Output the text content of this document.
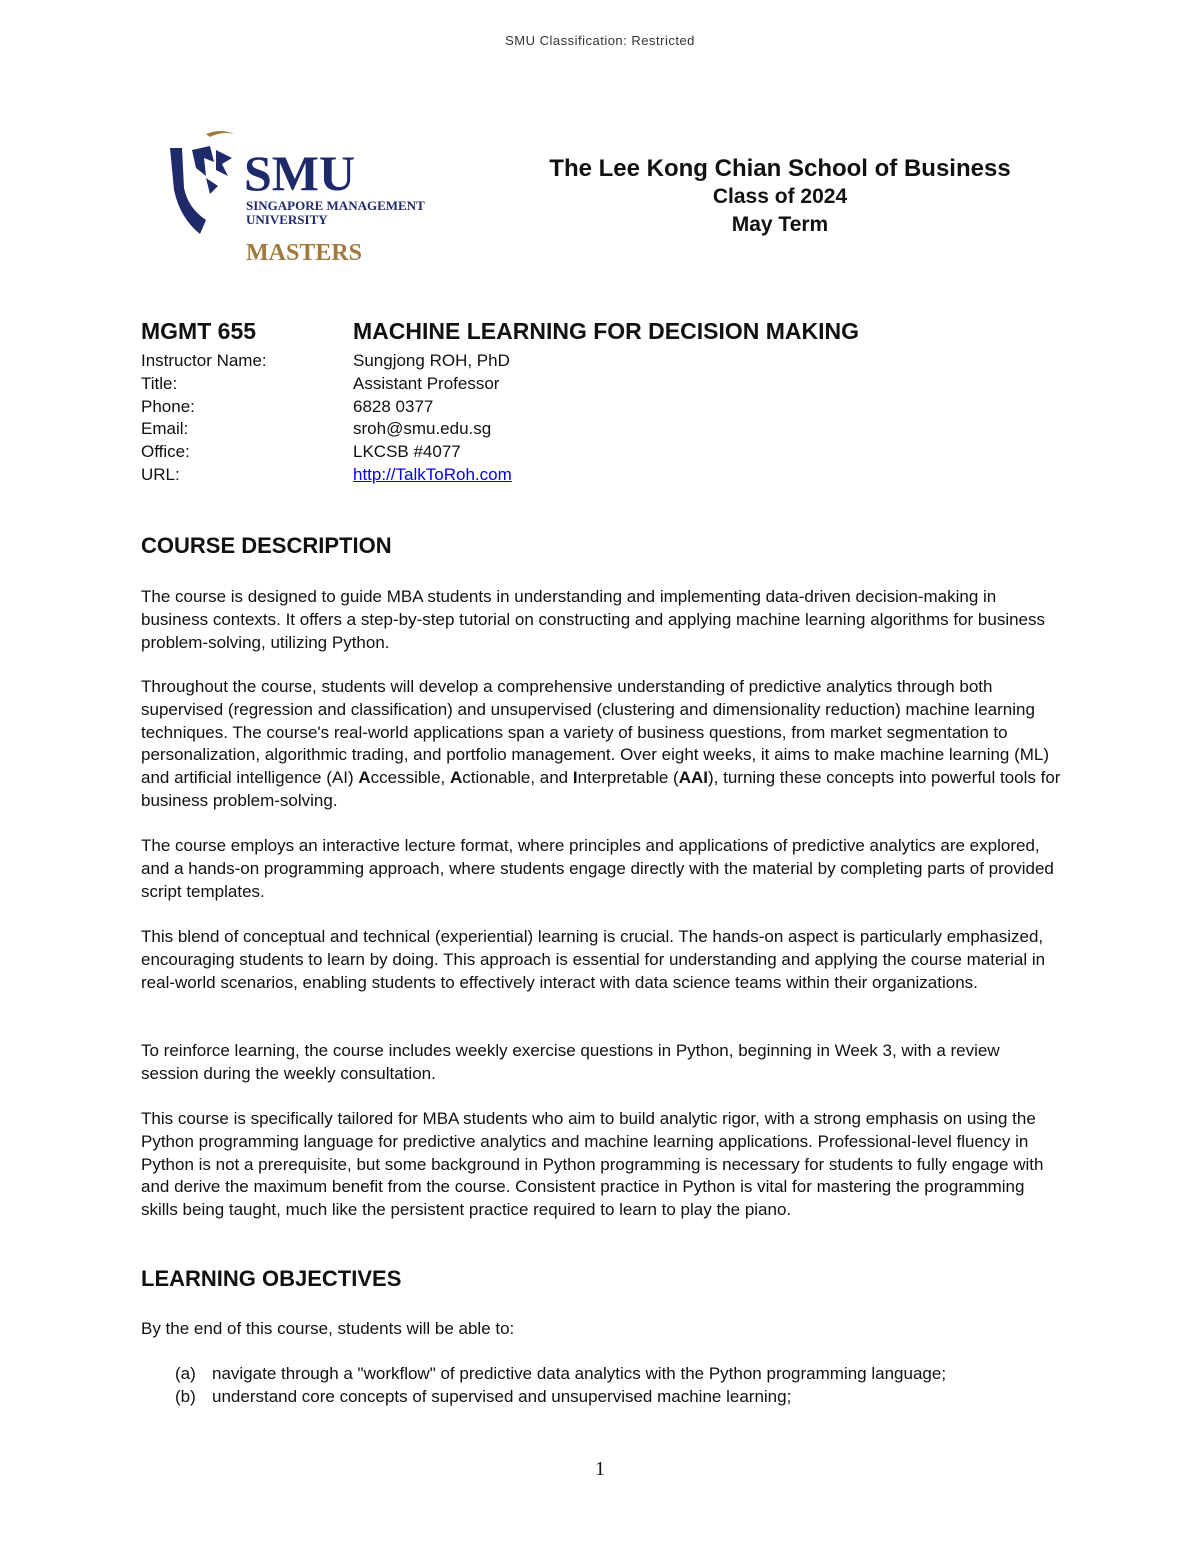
SMU Classification: Restricted
SMU
SINGAPORE MANAGEMENT
UNIVERSITY
MASTERS
The Lee Kong Chian School of Business
Class of 2024
May Term
MGMT 655	MACHINE LEARNING FOR DECISION MAKING
Instructor Name:	Sungjong ROH, PhD
Title:	Assistant Professor
Phone:	6828 0377
Email:	sroh@smu.edu.sg
Office:	LKCSB #4077
URL:	http://TalkToRoh.com
COURSE DESCRIPTION
The course is designed to guide MBA students in understanding and implementing data-driven decision-making in business contexts. It offers a step-by-step tutorial on constructing and applying machine learning algorithms for business problem-solving, utilizing Python.
Throughout the course, students will develop a comprehensive understanding of predictive analytics through both supervised (regression and classification) and unsupervised (clustering and dimensionality reduction) machine learning techniques. The course's real-world applications span a variety of business questions, from market segmentation to personalization, algorithmic trading, and portfolio management. Over eight weeks, it aims to make machine learning (ML) and artificial intelligence (AI) Accessible, Actionable, and Interpretable (AAI), turning these concepts into powerful tools for business problem-solving.
The course employs an interactive lecture format, where principles and applications of predictive analytics are explored, and a hands-on programming approach, where students engage directly with the material by completing parts of provided script templates.
This blend of conceptual and technical (experiential) learning is crucial. The hands-on aspect is particularly emphasized, encouraging students to learn by doing. This approach is essential for understanding and applying the course material in real-world scenarios, enabling students to effectively interact with data science teams within their organizations.
To reinforce learning, the course includes weekly exercise questions in Python, beginning in Week 3, with a review session during the weekly consultation.
This course is specifically tailored for MBA students who aim to build analytic rigor, with a strong emphasis on using the Python programming language for predictive analytics and machine learning applications. Professional-level fluency in Python is not a prerequisite, but some background in Python programming is necessary for students to fully engage with and derive the maximum benefit from the course. Consistent practice in Python is vital for mastering the programming skills being taught, much like the persistent practice required to learn to play the piano.
LEARNING OBJECTIVES
By the end of this course, students will be able to:
(a) navigate through a "workflow" of predictive data analytics with the Python programming language;
(b) understand core concepts of supervised and unsupervised machine learning;
1
